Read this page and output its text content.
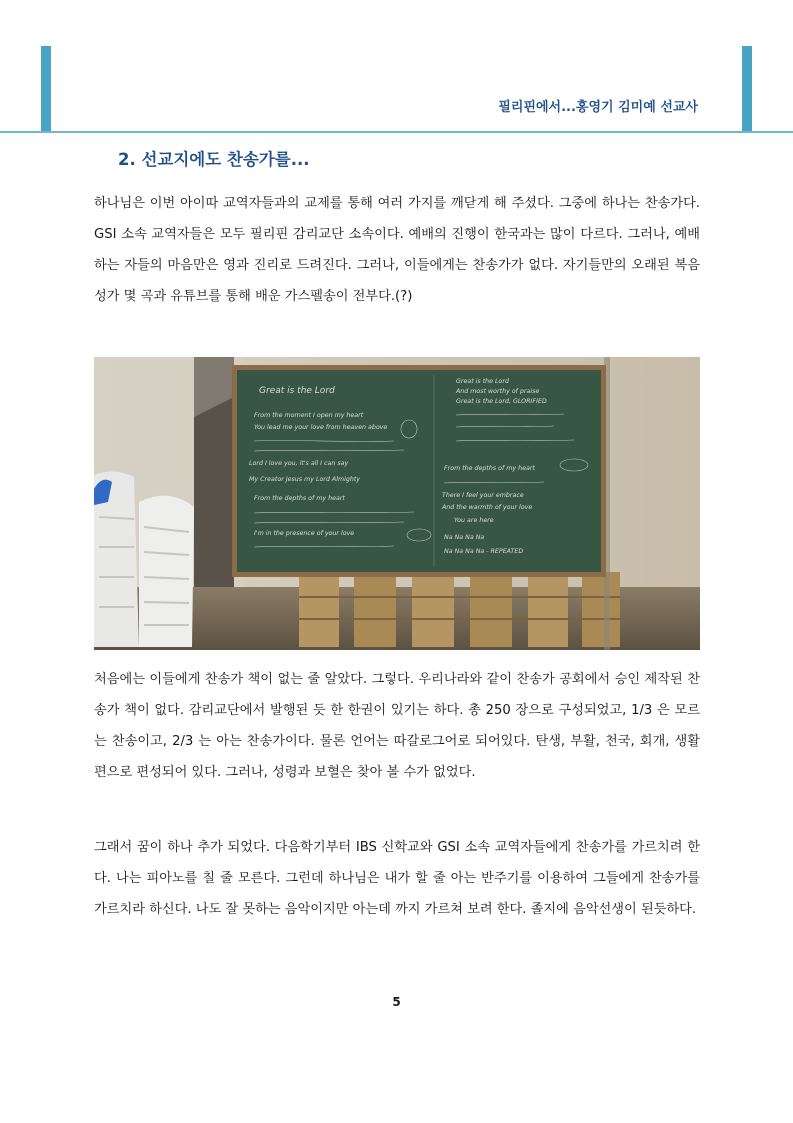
필리핀에서...홍영기 김미예 선교사
2. 선교지에도 찬송가를...

하나님은 이번 아이따 교역자들과의 교제를 통해 여러 가지를 깨닫게 해 주셨다. 그중에 하나는 찬송가다. GSI 소속 교역자들은 모두 필리핀 감리교단 소속이다. 예배의 진행이 한국과는 많이 다르다. 그러나, 예배하는 자들의 마음만은 영과 진리로 드려진다. 그러나, 이들에게는 찬송가가 없다. 자기들만의 오래된 복음성가 몇 곡과 유튜브를 통해 배운 가스펠송이 전부다.(?)

Great is the Lord
From the moment I open my heart
You lead me your love from heaven above
Lord I love you, it's all I can say
My Creator Jesus my Lord Almighty
From the depths of my heart
I'm in the presence of your love
Great is the Lord
And most worthy of praise
Great is the Lord, GLORIFIED
From the depths of my heart
There I feel your embrace
And the warmth of your love
You are here
Na Na Na Na
Na Na Na Na - REPEATED

처음에는 이들에게 찬송가 책이 없는 줄 알았다. 그렇다. 우리나라와 같이 찬송가 공회에서 승인 제작된 찬송가 책이 없다. 감리교단에서 발행된 듯 한 한권이 있기는 하다. 총 250 장으로 구성되었고, 1/3 은 모르는 찬송이고, 2/3 는 아는 찬송가이다. 물론 언어는 따갈로그어로 되어있다. 탄생, 부활, 천국, 회개, 생활편으로 편성되어 있다. 그러나, 성령과 보혈은 찾아 볼 수가 없었다.

그래서 꿈이 하나 추가 되었다. 다음학기부터 IBS 신학교와 GSI 소속 교역자들에게 찬송가를 가르치려 한다. 나는 피아노를 칠 줄 모른다. 그런데 하나님은 내가 할 줄 아는 반주기를 이용하여 그들에게 찬송가를 가르치라 하신다. 나도 잘 못하는 음악이지만 아는데 까지 가르쳐 보려 한다. 졸지에 음악선생이 된듯하다.

5
